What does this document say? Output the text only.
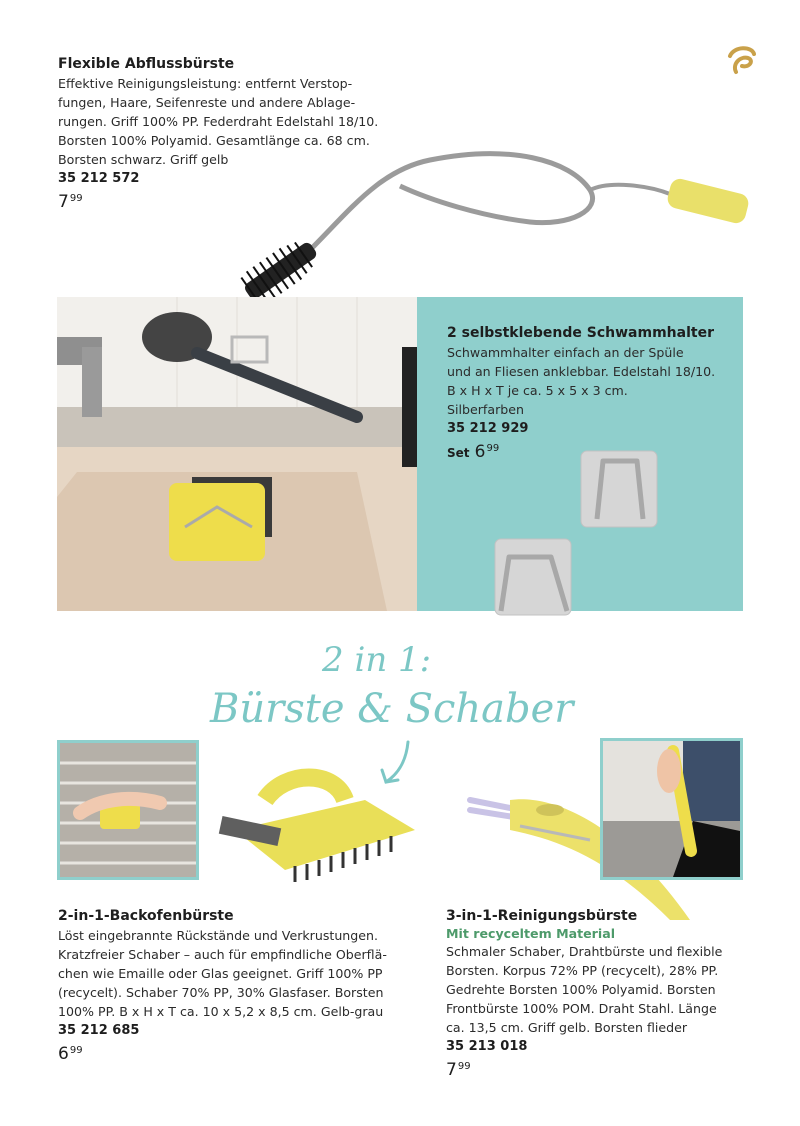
Flexible Abflussbürste
Effektive Reinigungsleistung: entfernt Verstop-
fungen, Haare, Seifenreste und andere Ablage-
rungen. Griff 100% PP. Federdraht Edelstahl 18/10.
Borsten 100% Polyamid. Gesamtlänge ca. 68 cm.
Borsten schwarz. Griff gelb
35 212 572
$7^{99}$
2 selbstklebende Schwammhalter
Schwammhalter einfach an der Spüle
und an Fliesen anklebbar. Edelstahl 18/10.
B x H x T je ca. 5 x 5 x 3 cm.
Silberfarben
35 212 929
Set $6^{99}$
2 in 1:
Bürste & Schaber
2-in-1-Backofenbürste
Löst eingebrannte Rückstände und Verkrustungen.
Kratzfreier Schaber – auch für empfindliche Oberflä-
chen wie Emaille oder Glas geeignet. Griff 100% PP
(recycelt). Schaber 70% PP, 30% Glasfaser. Borsten
100% PP. B x H x T ca. 10 x 5,2 x 8,5 cm. Gelb-grau
35 212 685
$6^{99}$
3-in-1-Reinigungsbürste
Mit recyceltem Material
Schmaler Schaber, Drahtbürste und flexible
Borsten. Korpus 72% PP (recycelt), 28% PP.
Gedrehte Borsten 100% Polyamid. Borsten
Frontbürste 100% POM. Draht Stahl. Länge
ca. 13,5 cm. Griff gelb. Borsten flieder
35 213 018
$7^{99}$
